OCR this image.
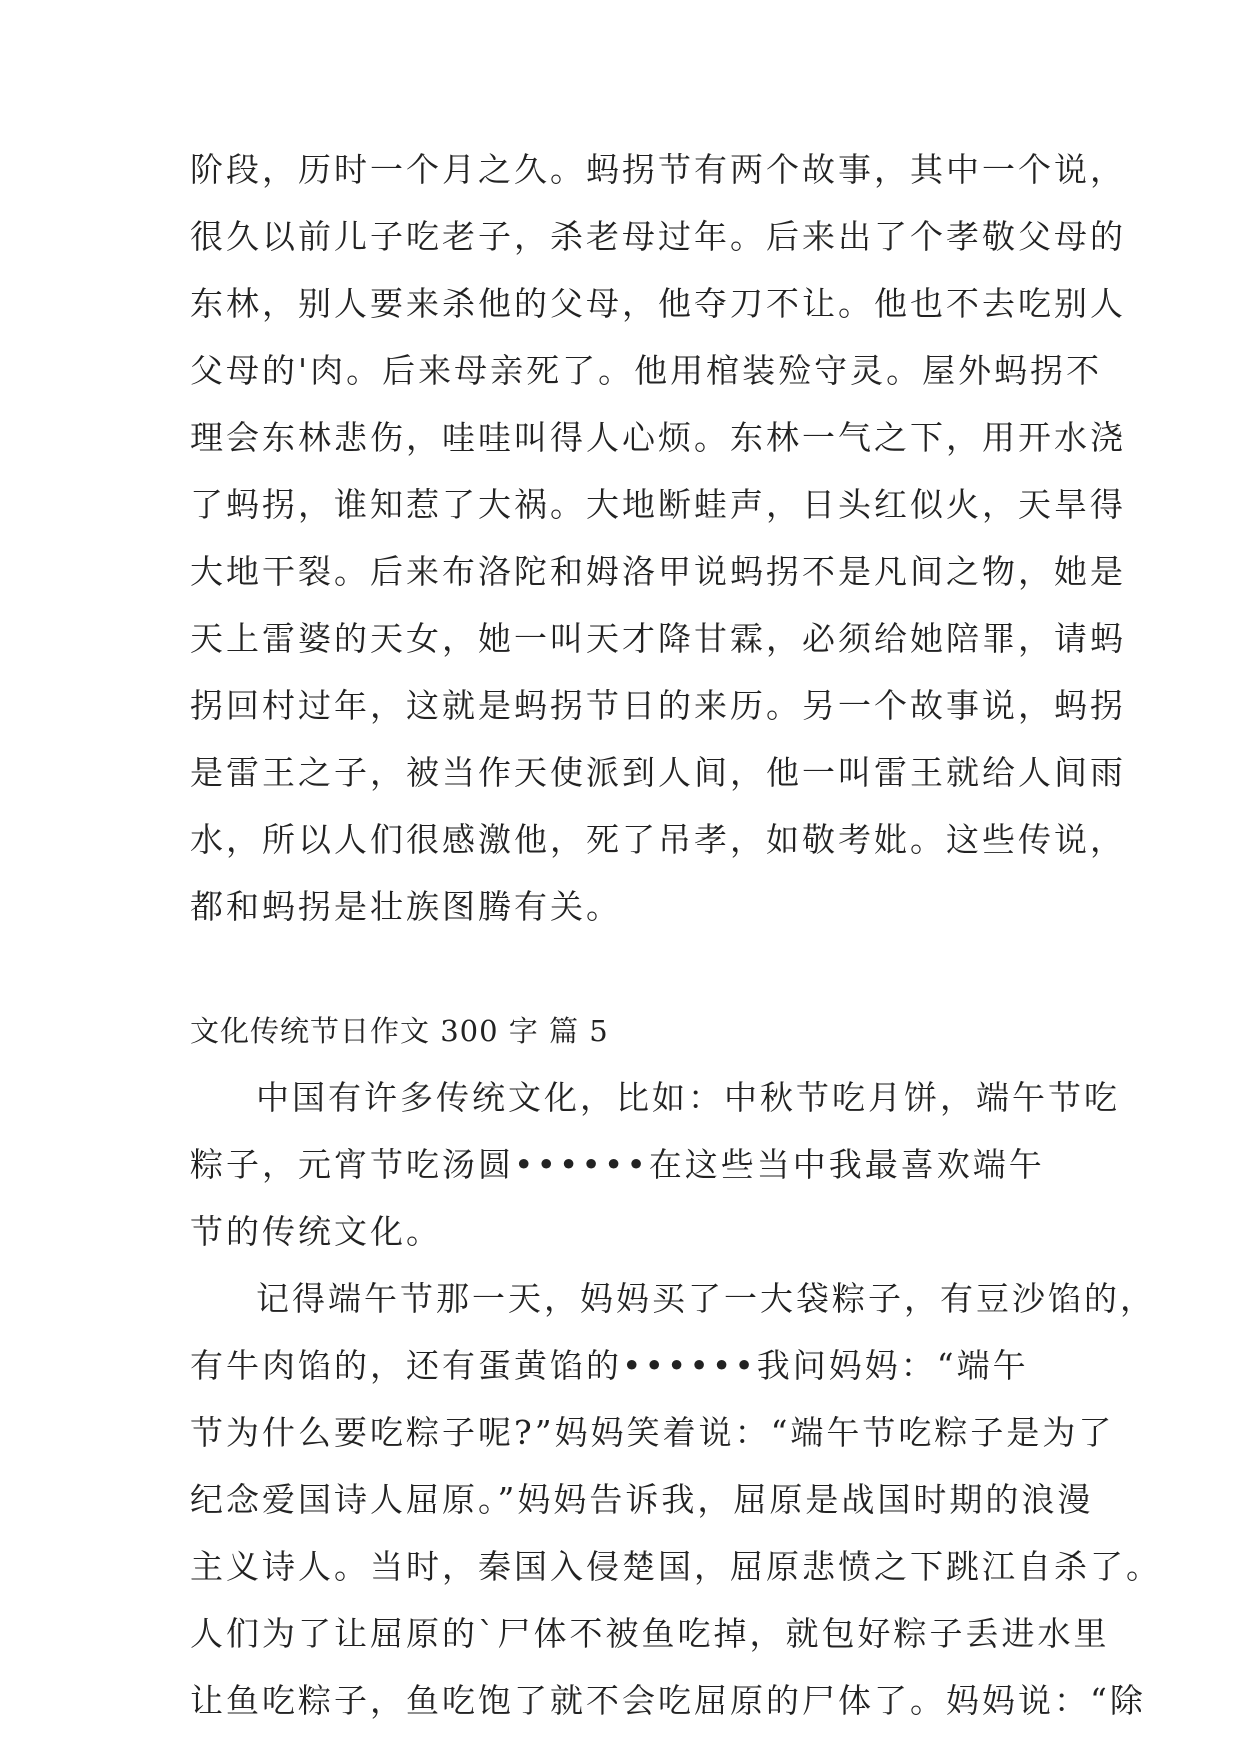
阶段，历时一个月之久。蚂拐节有两个故事，其中一个说，
很久以前儿子吃老子，杀老母过年。后来出了个孝敬父母的
东林，别人要来杀他的父母，他夺刀不让。他也不去吃别人
父母的'肉。后来母亲死了。他用棺装殓守灵。屋外蚂拐不
理会东林悲伤，哇哇叫得人心烦。东林一气之下，用开水浇
了蚂拐，谁知惹了大祸。大地断蛙声，日头红似火，天旱得
大地干裂。后来布洛陀和姆洛甲说蚂拐不是凡间之物，她是
天上雷婆的天女，她一叫天才降甘霖，必须给她陪罪，请蚂
拐回村过年，这就是蚂拐节日的来历。另一个故事说，蚂拐
是雷王之子，被当作天使派到人间，他一叫雷王就给人间雨
水，所以人们很感激他，死了吊孝，如敬考妣。这些传说，
都和蚂拐是壮族图腾有关。
文化传统节日作文 300 字 篇 5
中国有许多传统文化，比如：中秋节吃月饼，端午节吃
粽子，元宵节吃汤圆••••••在这些当中我最喜欢端午
节的传统文化。
记得端午节那一天，妈妈买了一大袋粽子，有豆沙馅的，
有牛肉馅的，还有蛋黄馅的••••••我问妈妈：“端午
节为什么要吃粽子呢?”妈妈笑着说：“端午节吃粽子是为了
纪念爱国诗人屈原。”妈妈告诉我，屈原是战国时期的浪漫
主义诗人。当时，秦国入侵楚国，屈原悲愤之下跳江自杀了。
人们为了让屈原的`尸体不被鱼吃掉，就包好粽子丢进水里
让鱼吃粽子，鱼吃饱了就不会吃屈原的尸体了。妈妈说：“除
